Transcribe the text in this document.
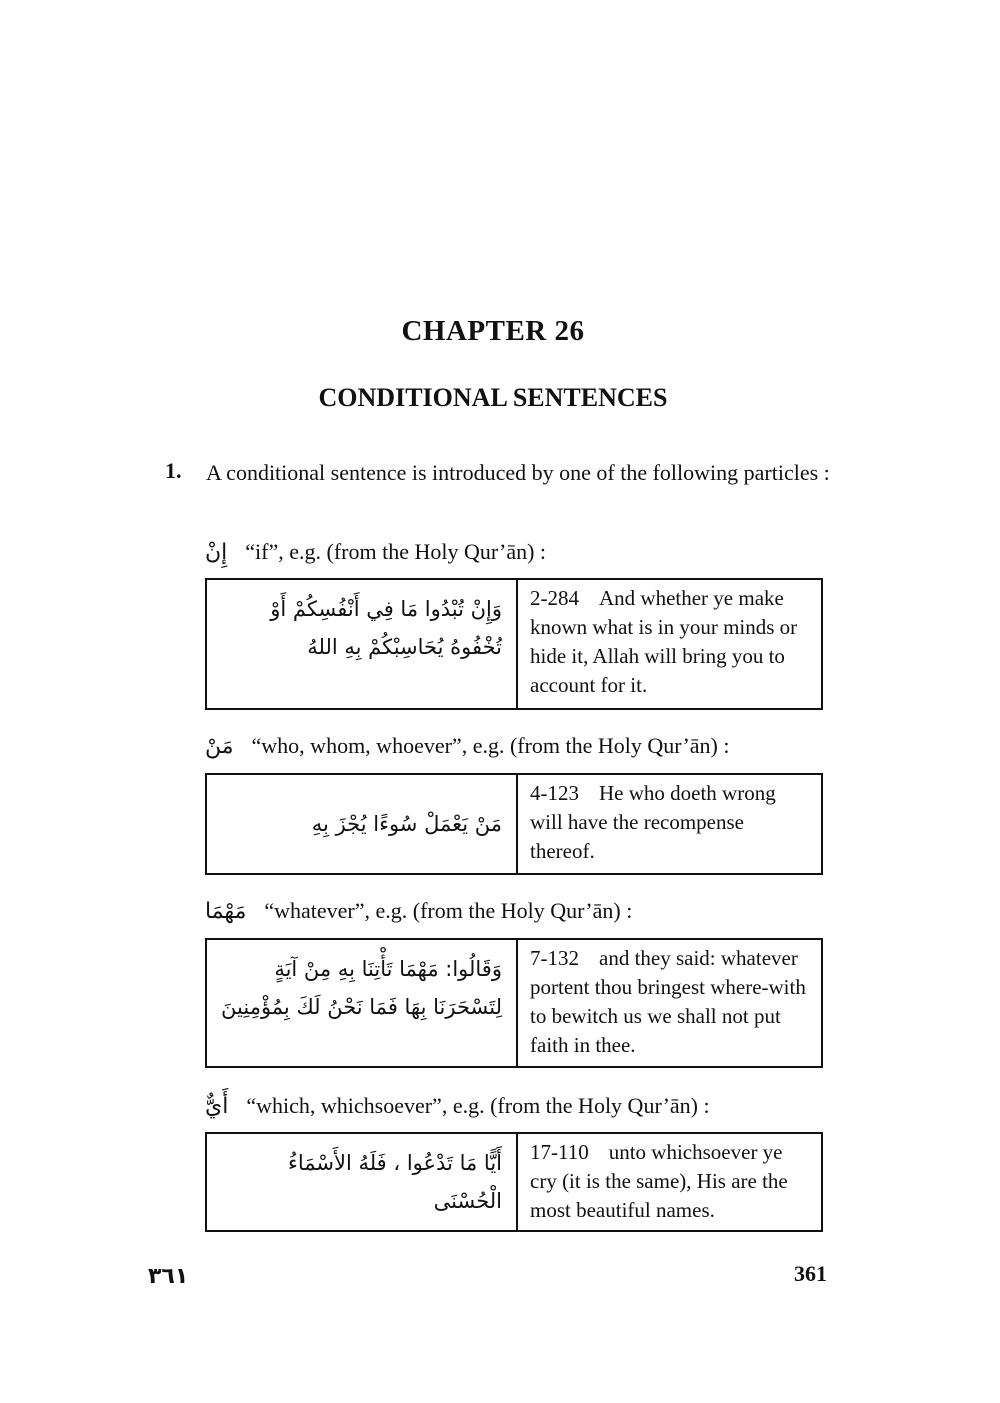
CHAPTER 26
CONDITIONAL SENTENCES
1. A conditional sentence is introduced by one of the following particles :
إِنْ “if”, e.g. (from the Holy Qur’ān) :
وَإِنْ تُبْدُوا مَا فِي أَنْفُسِكُمْ أَوْ تُخْفُوهُ يُحَاسِبْكُمْ بِهِ اللهُ	2-284 And whether ye make known what is in your minds or hide it, Allah will bring you to account for it.
مَنْ “who, whom, whoever”, e.g. (from the Holy Qur’ān) :
مَنْ يَعْمَلْ سُوءًا يُجْزَ بِهِ	4-123 He who doeth wrong will have the recompense thereof.
مَهْمَا “whatever”, e.g. (from the Holy Qur’ān) :
وَقَالُوا: مَهْمَا تَأْتِنَا بِهِ مِنْ آيَةٍ لِتَسْحَرَنَا بِهَا فَمَا نَحْنُ لَكَ بِمُؤْمِنِينَ	7-132 and they said: whatever portent thou bringest where-with to bewitch us we shall not put faith in thee.
أَيٌّ “which, whichsoever”, e.g. (from the Holy Qur’ān) :
أَيًّا مَا تَدْعُوا ، فَلَهُ الأَسْمَاءُ الْحُسْنَى	17-110 unto whichsoever ye cry (it is the same), His are the most beautiful names.
٣٦١	361
